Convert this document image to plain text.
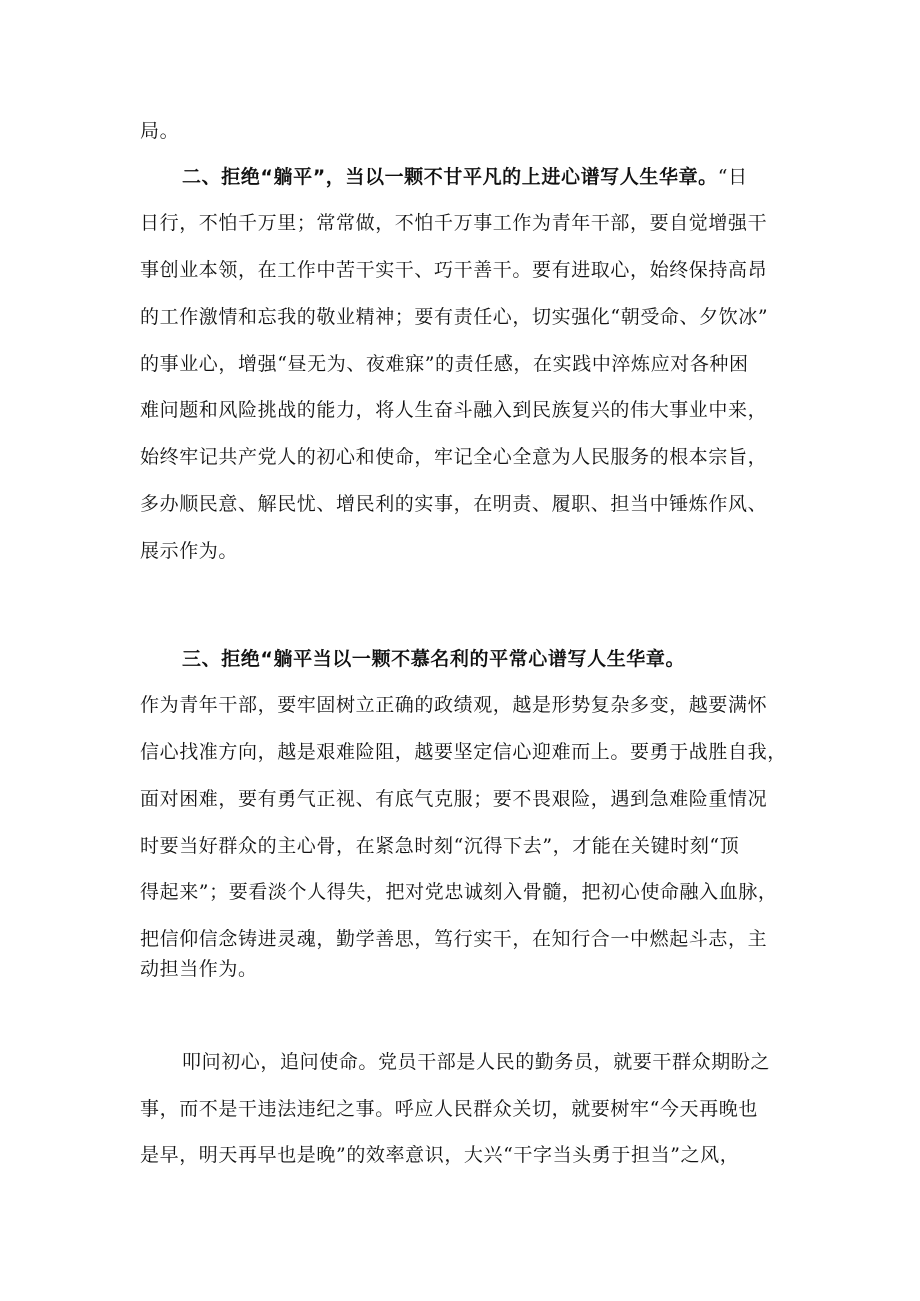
局。
二、拒绝“躺平”，当以一颗不甘平凡的上进心谱写人生华章。“日
日行，不怕千万里；常常做，不怕千万事工作为青年干部，要自觉增强干
事创业本领，在工作中苦干实干、巧干善干。要有进取心，始终保持高昂
的工作激情和忘我的敬业精神；要有责任心，切实强化“朝受命、夕饮冰”
的事业心，增强“昼无为、夜难寐”的责任感，在实践中淬炼应对各种困
难问题和风险挑战的能力，将人生奋斗融入到民族复兴的伟大事业中来，
始终牢记共产党人的初心和使命，牢记全心全意为人民服务的根本宗旨，
多办顺民意、解民忧、增民利的实事，在明责、履职、担当中锤炼作风、
展示作为。
三、拒绝“躺平当以一颗不慕名利的平常心谱写人生华章。
作为青年干部，要牢固树立正确的政绩观，越是形势复杂多变，越要满怀
信心找准方向，越是艰难险阻，越要坚定信心迎难而上。要勇于战胜自我，
面对困难，要有勇气正视、有底气克服；要不畏艰险，遇到急难险重情况
时要当好群众的主心骨，在紧急时刻“沉得下去”，才能在关键时刻“顶
得起来”；要看淡个人得失，把对党忠诚刻入骨髓，把初心使命融入血脉，
把信仰信念铸进灵魂，勤学善思，笃行实干，在知行合一中燃起斗志，主
动担当作为。
叩问初心，追问使命。党员干部是人民的勤务员，就要干群众期盼之
事，而不是干违法违纪之事。呼应人民群众关切，就要树牢“今天再晚也
是早，明天再早也是晚”的效率意识，大兴“干字当头勇于担当”之风，
